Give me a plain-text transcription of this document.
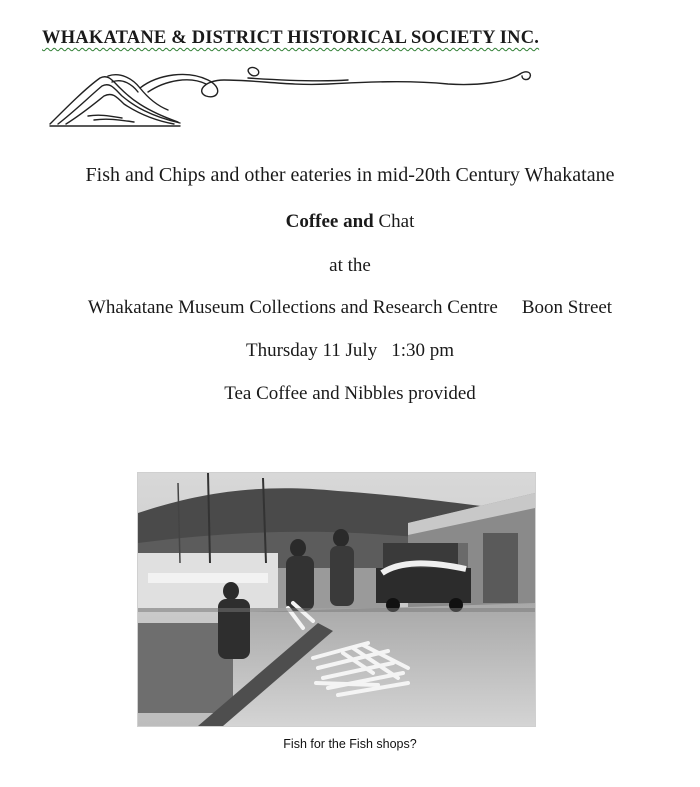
WHAKATANE & DISTRICT HISTORICAL SOCIETY INC.
Fish and Chips and other eateries in mid-20th Century Whakatane
Coffee and Chat
at the
Whakatane Museum Collections and Research Centre Boon Street
Thursday 11 July 1:30 pm
Tea Coffee and Nibbles provided
Fish for the Fish shops?
